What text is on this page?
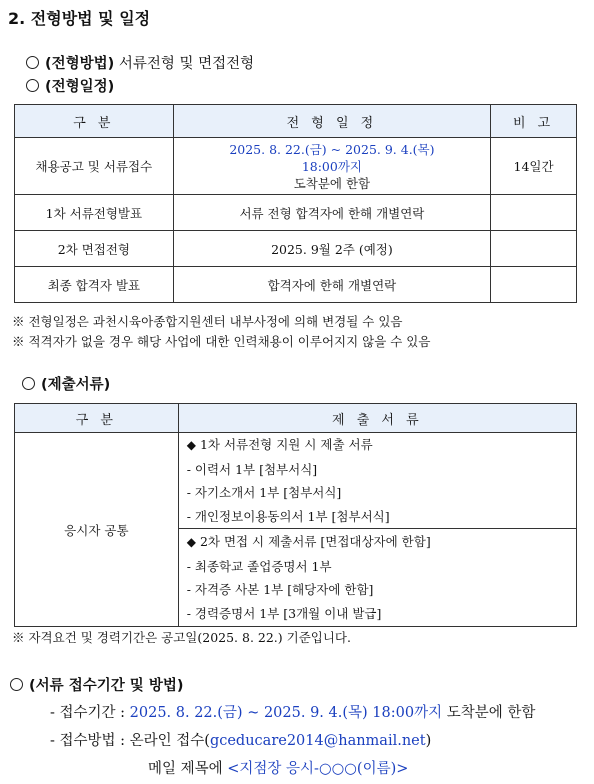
2. 전형방법 및 일정
(전형방법) 서류전형 및 면접전형
(전형일정)
구 분	전 형 일 정	비 고
채용공고 및 서류접수	2025. 8. 22.(금) ~ 2025. 9. 4.(목)
18:00까지
도착분에 한함	14일간
1차 서류전형발표	서류 전형 합격자에 한해 개별연락	
2차 면접전형	2025. 9월 2주 (예정)	
최종 합격자 발표	합격자에 한해 개별연락	
※ 전형일정은 과천시육아종합지원센터 내부사정에 의해 변경될 수 있음
※ 적격자가 없을 경우 해당 사업에 대한 인력채용이 이루어지지 않을 수 있음
(제출서류)
구 분	제 출 서 류
응시자 공통	◆ 1차 서류전형 지원 시 제출 서류
- 이력서 1부 [첨부서식]
- 자기소개서 1부 [첨부서식]
- 개인정보이용동의서 1부 [첨부서식]

	◆ 2차 면접 시 제출서류 [면접대상자에 한함]
- 최종학교 졸업증명서 1부
- 자격증 사본 1부 [해당자에 한함]
- 경력증명서 1부 [3개월 이내 발급]
※ 자격요건 및 경력기간은 공고일(2025. 8. 22.) 기준입니다.
(서류 접수기간 및 방법)
- 접수기간 : 2025. 8. 22.(금) ~ 2025. 9. 4.(목) 18:00까지 도착분에 한함
- 접수방법 : 온라인 접수(gceducare2014@hanmail.net)
메일 제목에 <지점장 응시-○○○(이름)>
